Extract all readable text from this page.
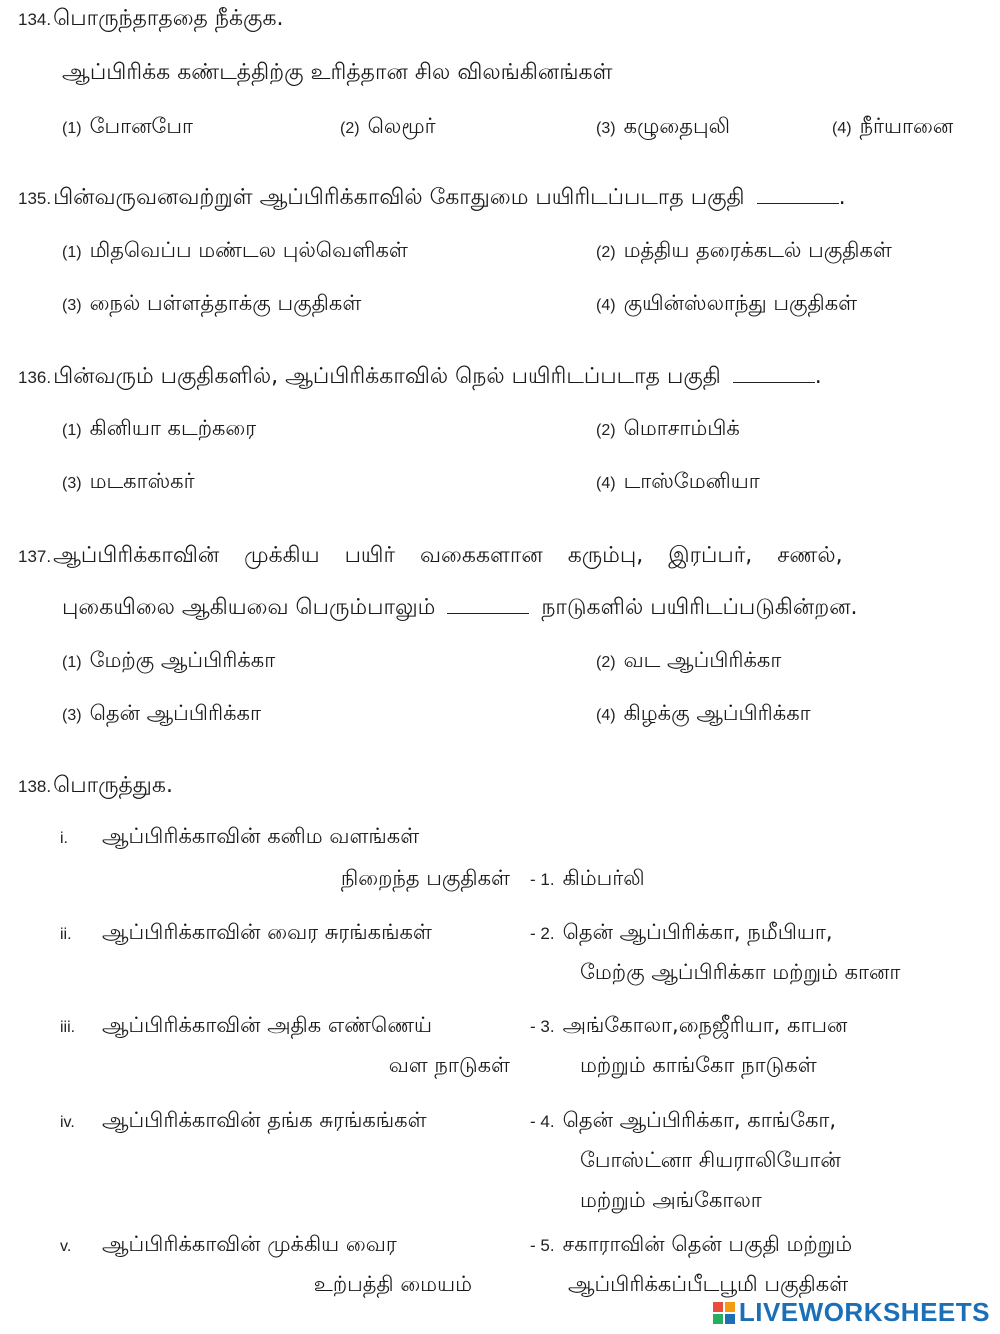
134. பொருந்தாததை நீக்குக.
ஆப்பிரிக்க கண்டத்திற்கு உரித்தான சில விலங்கினங்கள்
(1) போனபோ	(2) லெமூர்	(3) கழுதைபுலி	(4) நீர்யானை
135. பின்வருவனவற்றுள் ஆப்பிரிக்காவில் கோதுமை பயிரிடப்படாத பகுதி	.
(1) மிதவெப்ப மண்டல புல்வெளிகள்	(2) மத்திய தரைக்கடல் பகுதிகள்
(3) நைல் பள்ளத்தாக்கு பகுதிகள்	(4) குயின்ஸ்லாந்து பகுதிகள்
136. பின்வரும் பகுதிகளில், ஆப்பிரிக்காவில் நெல் பயிரிடப்படாத பகுதி	.
(1) கினியா கடற்கரை	(2) மொசாம்பிக்
(3) மடகாஸ்கர்	(4) டாஸ்மேனியா
137. ஆப்பிரிக்காவின் முக்கிய பயிர் வகைகளான கரும்பு, இரப்பர், சணல்,
புகையிலை ஆகியவை பெரும்பாலும்	நாடுகளில் பயிரிடப்படுகின்றன.
(1) மேற்கு ஆப்பிரிக்கா	(2) வட ஆப்பிரிக்கா
(3) தென் ஆப்பிரிக்கா	(4) கிழக்கு ஆப்பிரிக்கா
138. பொருத்துக.
i. ஆப்பிரிக்காவின் கனிம வளங்கள்
நிறைந்த பகுதிகள் - 1. கிம்பர்லி
ii. ஆப்பிரிக்காவின் வைர சுரங்கங்கள்	- 2. தென் ஆப்பிரிக்கா, நமீபியா,
மேற்கு ஆப்பிரிக்கா மற்றும் கானா
iii. ஆப்பிரிக்காவின் அதிக எண்ணெய்
வள நாடுகள்
- 3. அங்கோலா,நைஜீரியா, காபன
மற்றும் காங்கோ நாடுகள்
iv. ஆப்பிரிக்காவின் தங்க சுரங்கங்கள்	- 4. தென் ஆப்பிரிக்கா, காங்கோ,
போஸ்ட்னா சியராலியோன்
மற்றும் அங்கோலா
v. ஆப்பிரிக்காவின் முக்கிய வைர
உற்பத்தி மையம்
- 5. சகாராவின் தென் பகுதி மற்றும்
ஆப்பிரிக்கப்பீடபூமி பகுதிகள்
LIVEWORKSHEETS
